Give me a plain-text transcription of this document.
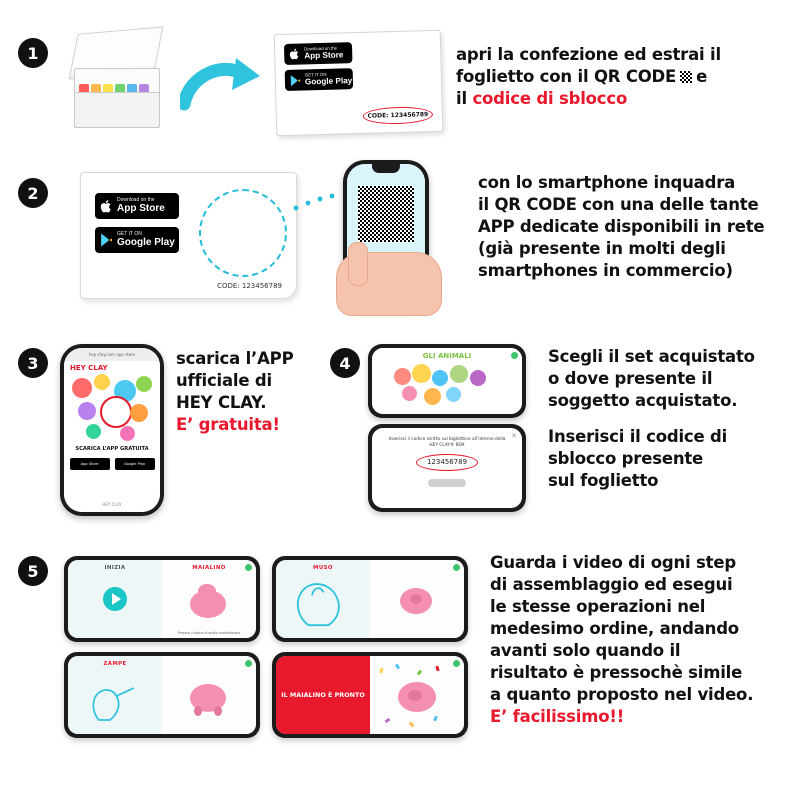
1	Download on the
App Store
GET IT ON
Google Play
CODE: 123456789
apri la confezione ed estrai il
foglietto con il QR CODE e
il codice di sblocco
2	Download on the
App Store
GET IT ON
Google Play
CODE: 123456789
con lo smartphone inquadra
il QR CODE con una delle tante
APP dedicate disponibili in rete
(già presente in molti degli
smartphones in commercio)
3	hey-clay.com app store
HEY CLAY
SCARICA L’APP GRATUITA
App Store	Google Play
HEY CLAY
scarica l’APP
ufficiale di
HEY CLAY.
E’ gratuita!
4	GLI ANIMALI
✕
Inserisci il codice scritto sul bigliettino all’interno della HEY CLAY® BOX
123456789
Scegli il set acquistato
o dove presente il
soggetto acquistato.
Inserisci il codice di
sblocco presente
sul foglietto
5	INIZIA	MAIALINO
Prepara il colore di quella modellazione
MUSO
ZAMPE
IL MAIALINO È PRONTO
Guarda i video di ogni step
di assemblaggio ed esegui
le stesse operazioni nel
medesimo ordine, andando
avanti solo quando il
risultato è pressochè simile
a quanto proposto nel video.
E’ facilissimo!!
